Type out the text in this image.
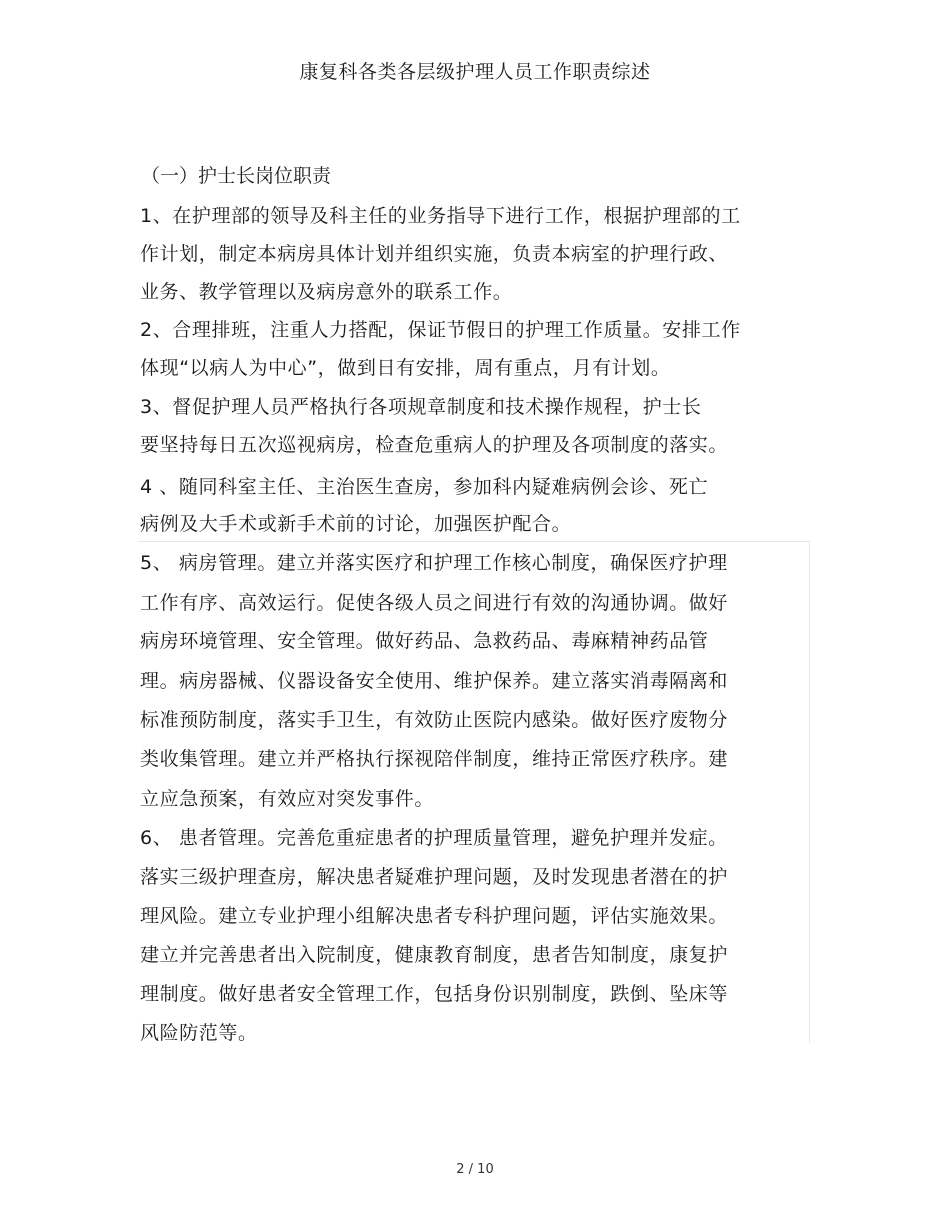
康复科各类各层级护理人员工作职责综述
（一）护士长岗位职责
1、在护理部的领导及科主任的业务指导下进行工作，根据护理部的工
作计划，制定本病房具体计划并组织实施，负责本病室的护理行政、
业务、教学管理以及病房意外的联系工作。
2、合理排班，注重人力搭配，保证节假日的护理工作质量。安排工作
体现“以病人为中心”，做到日有安排，周有重点，月有计划。
3、督促护理人员严格执行各项规章制度和技术操作规程，护士长
要坚持每日五次巡视病房，检查危重病人的护理及各项制度的落实。
4 、随同科室主任、主治医生查房，参加科内疑难病例会诊、死亡
病例及大手术或新手术前的讨论，加强医护配合。
5、 病房管理。建立并落实医疗和护理工作核心制度，确保医疗护理
工作有序、高效运行。促使各级人员之间进行有效的沟通协调。做好
病房环境管理、安全管理。做好药品、急救药品、毒麻精神药品管
理。病房器械、仪器设备安全使用、维护保养。建立落实消毒隔离和
标准预防制度，落实手卫生，有效防止医院内感染。做好医疗废物分
类收集管理。建立并严格执行探视陪伴制度，维持正常医疗秩序。建
立应急预案，有效应对突发事件。
6、 患者管理。完善危重症患者的护理质量管理，避免护理并发症。
落实三级护理查房，解决患者疑难护理问题，及时发现患者潜在的护
理风险。建立专业护理小组解决患者专科护理问题，评估实施效果。
建立并完善患者出入院制度，健康教育制度，患者告知制度，康复护
理制度。做好患者安全管理工作，包括身份识别制度，跌倒、坠床等
风险防范等。
2 / 10
